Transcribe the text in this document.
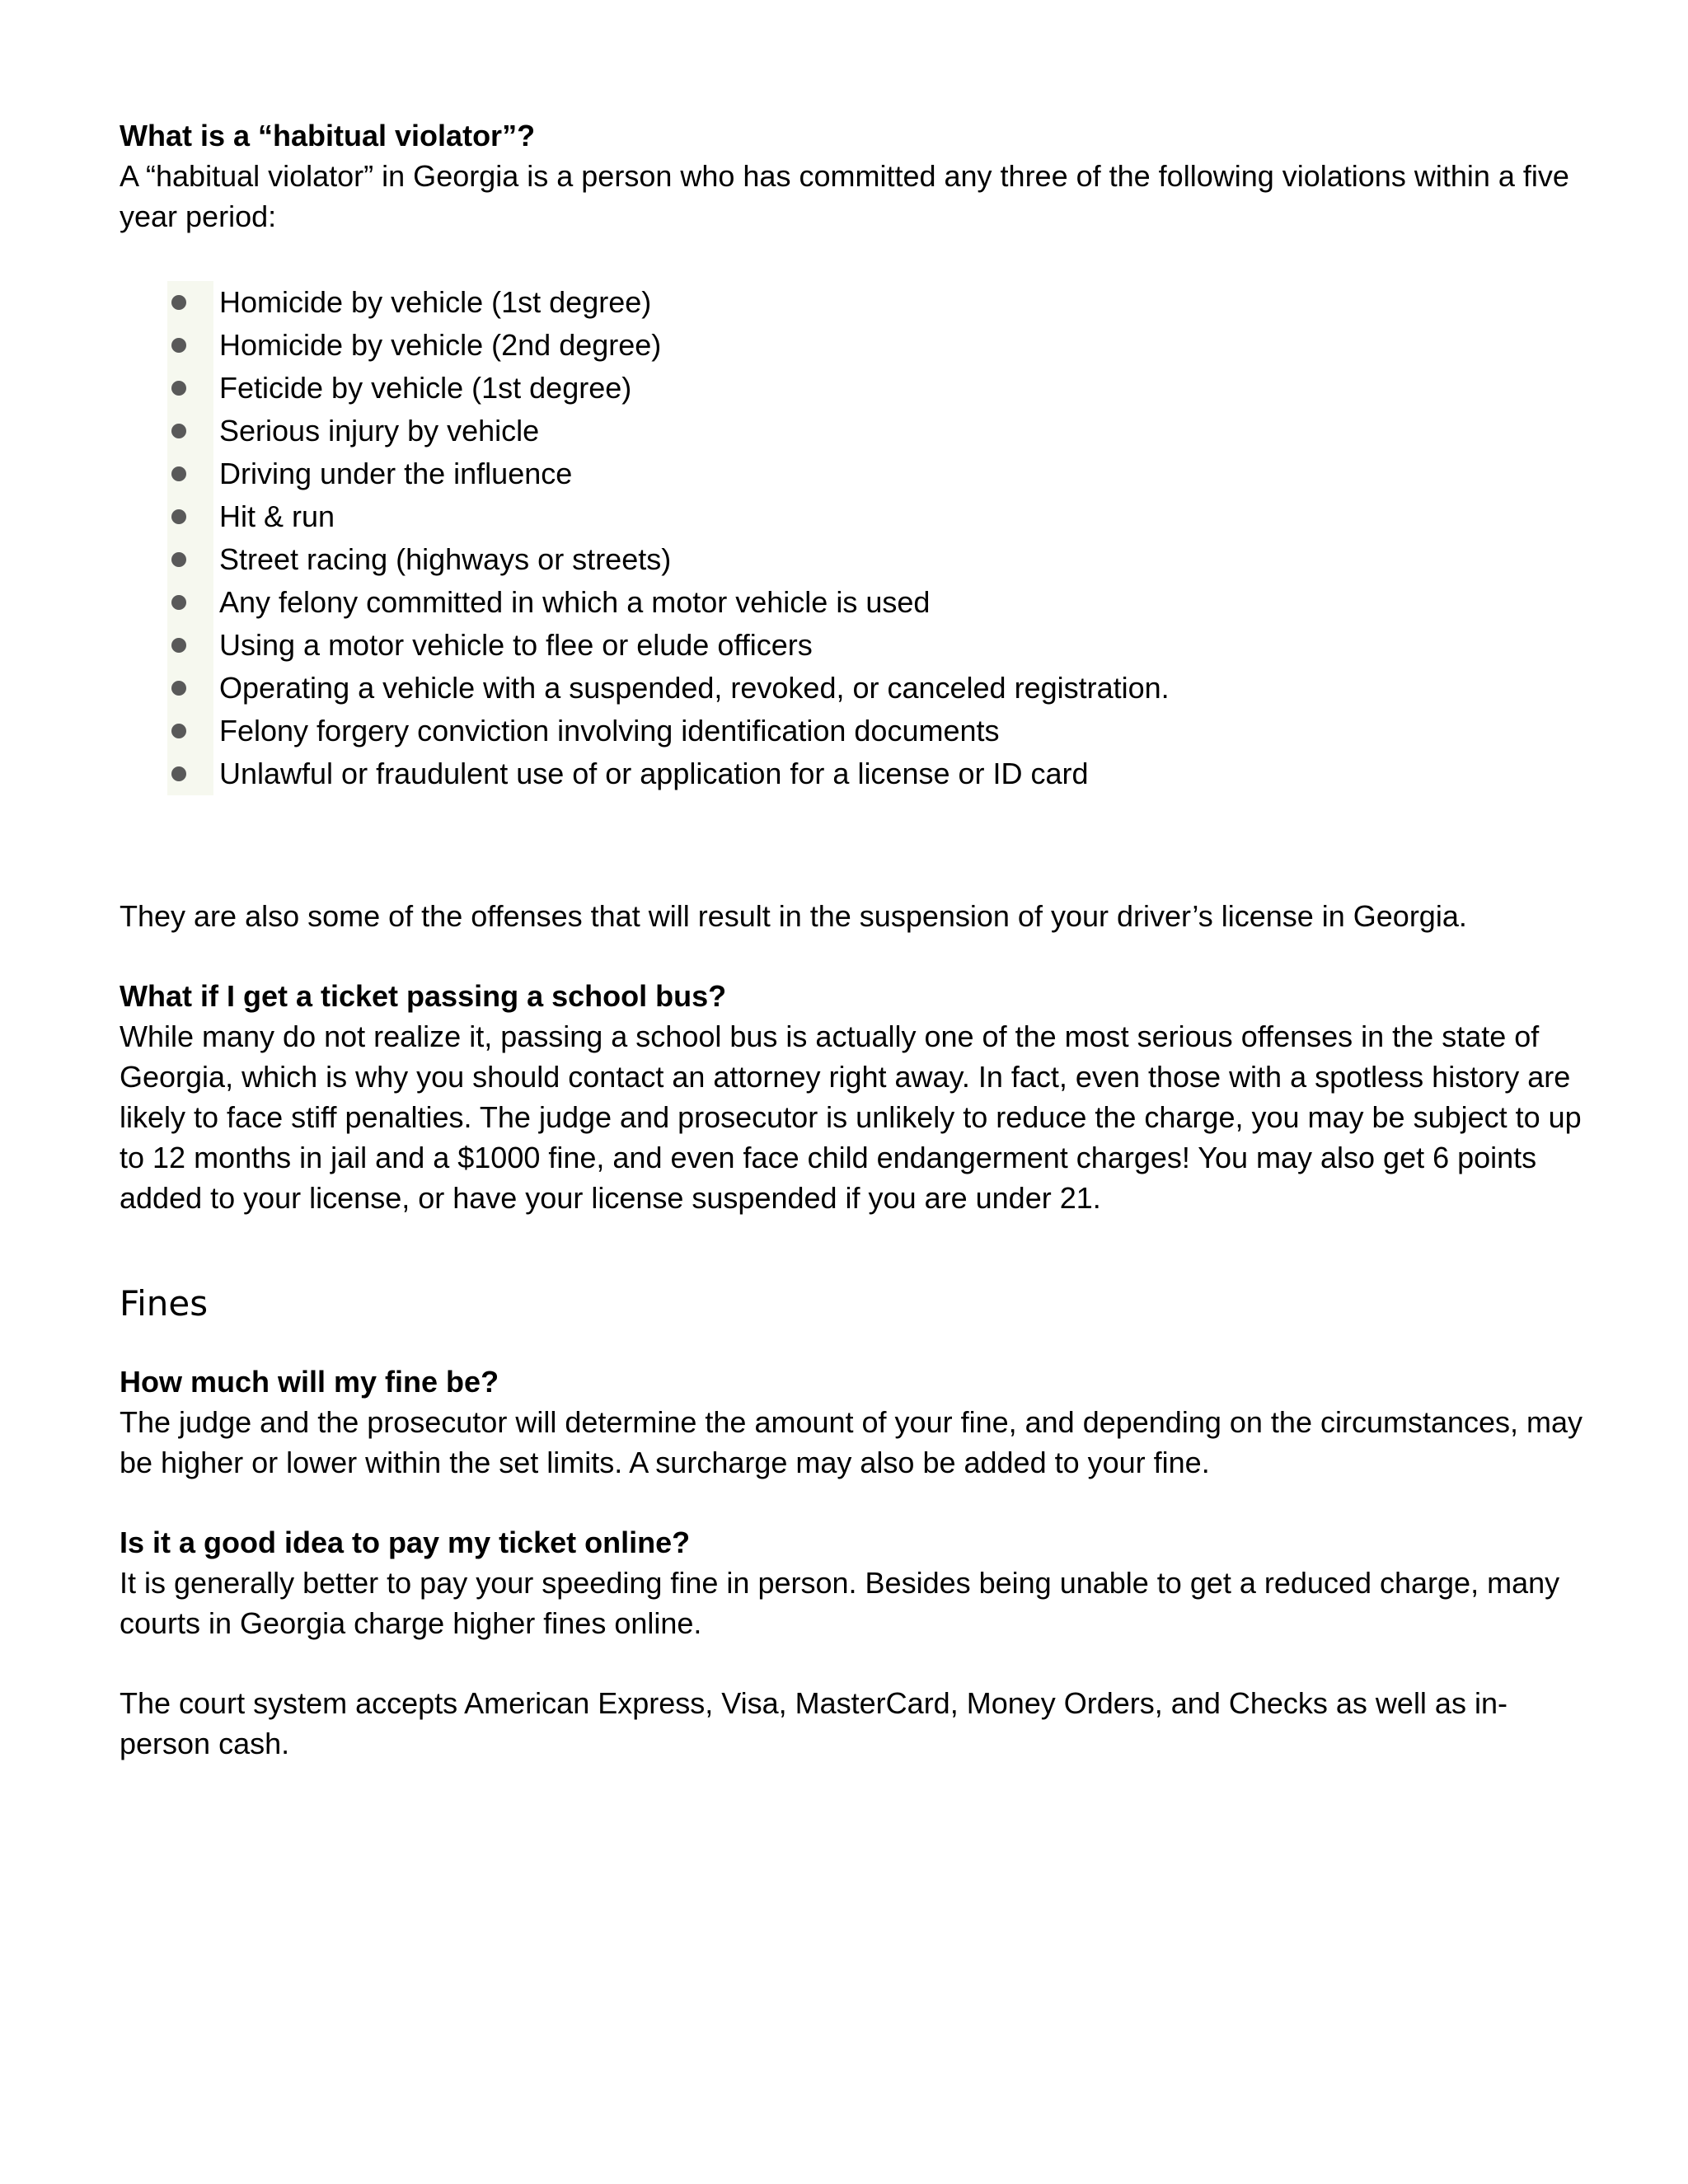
What is a “habitual violator”?

A “habitual violator” in Georgia is a person who has committed any three of the following violations within a five year period:

Homicide by vehicle (1st degree)
Homicide by vehicle (2nd degree)
Feticide by vehicle (1st degree)
Serious injury by vehicle
Driving under the influence
Hit & run
Street racing (highways or streets)
Any felony committed in which a motor vehicle is used
Using a motor vehicle to flee or elude officers
Operating a vehicle with a suspended, revoked, or canceled registration.
Felony forgery conviction involving identification documents
Unlawful or fraudulent use of or application for a license or ID card

They are also some of the offenses that will result in the suspension of your driver’s license in Georgia.

What if I get a ticket passing a school bus?

While many do not realize it, passing a school bus is actually one of the most serious offenses in the state of Georgia, which is why you should contact an attorney right away. In fact, even those with a spotless history are likely to face stiff penalties. The judge and prosecutor is unlikely to reduce the charge, you may be subject to up to 12 months in jail and a $1000 fine, and even face child endangerment charges! You may also get 6 points added to your license, or have your license suspended if you are under 21.

Fines
How much will my fine be?

The judge and the prosecutor will determine the amount of your fine, and depending on the circumstances, may be higher or lower within the set limits. A surcharge may also be added to your fine.

Is it a good idea to pay my ticket online?

It is generally better to pay your speeding fine in person. Besides being unable to get a reduced charge, many courts in Georgia charge higher fines online.

The court system accepts American Express, Visa, MasterCard, Money Orders, and Checks as well as in-person cash.
